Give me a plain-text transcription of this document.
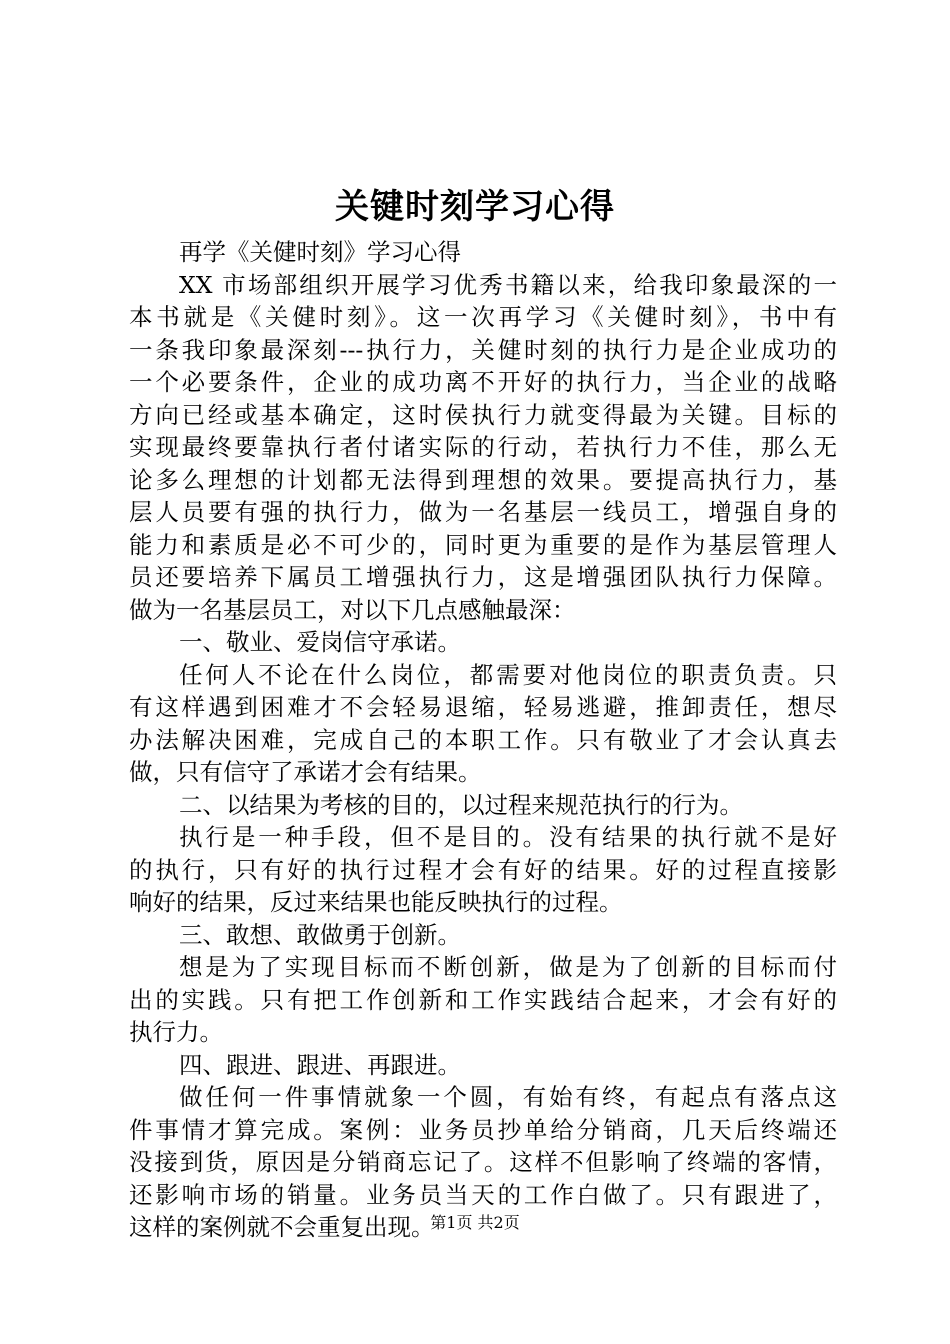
关键时刻学习心得
再学《关健时刻》学习心得
XX 市场部组织开展学习优秀书籍以来，给我印象最深的一
本书就是《关健时刻》。这一次再学习《关健时刻》，书中有
一条我印象最深刻---执行力，关健时刻的执行力是企业成功的
一个必要条件，企业的成功离不开好的执行力，当企业的战略
方向已经或基本确定，这时侯执行力就变得最为关键。目标的
实现最终要靠执行者付诸实际的行动，若执行力不佳，那么无
论多么理想的计划都无法得到理想的效果。要提高执行力，基
层人员要有强的执行力，做为一名基层一线员工，增强自身的
能力和素质是必不可少的，同时更为重要的是作为基层管理人
员还要培养下属员工增强执行力，这是增强团队执行力保障。
做为一名基层员工，对以下几点感触最深：
一、敬业、爱岗信守承诺。
任何人不论在什么岗位，都需要对他岗位的职责负责。只
有这样遇到困难才不会轻易退缩，轻易逃避，推卸责任，想尽
办法解决困难，完成自己的本职工作。只有敬业了才会认真去
做，只有信守了承诺才会有结果。
二、以结果为考核的目的，以过程来规范执行的行为。
执行是一种手段，但不是目的。没有结果的执行就不是好
的执行，只有好的执行过程才会有好的结果。好的过程直接影
响好的结果，反过来结果也能反映执行的过程。
三、敢想、敢做勇于创新。
想是为了实现目标而不断创新，做是为了创新的目标而付
出的实践。只有把工作创新和工作实践结合起来，才会有好的
执行力。
四、跟进、跟进、再跟进。
做任何一件事情就象一个圆，有始有终，有起点有落点这
件事情才算完成。案例：业务员抄单给分销商，几天后终端还
没接到货，原因是分销商忘记了。这样不但影响了终端的客情，
还影响市场的销量。业务员当天的工作白做了。只有跟进了，
这样的案例就不会重复出现。
第1页 共2页
